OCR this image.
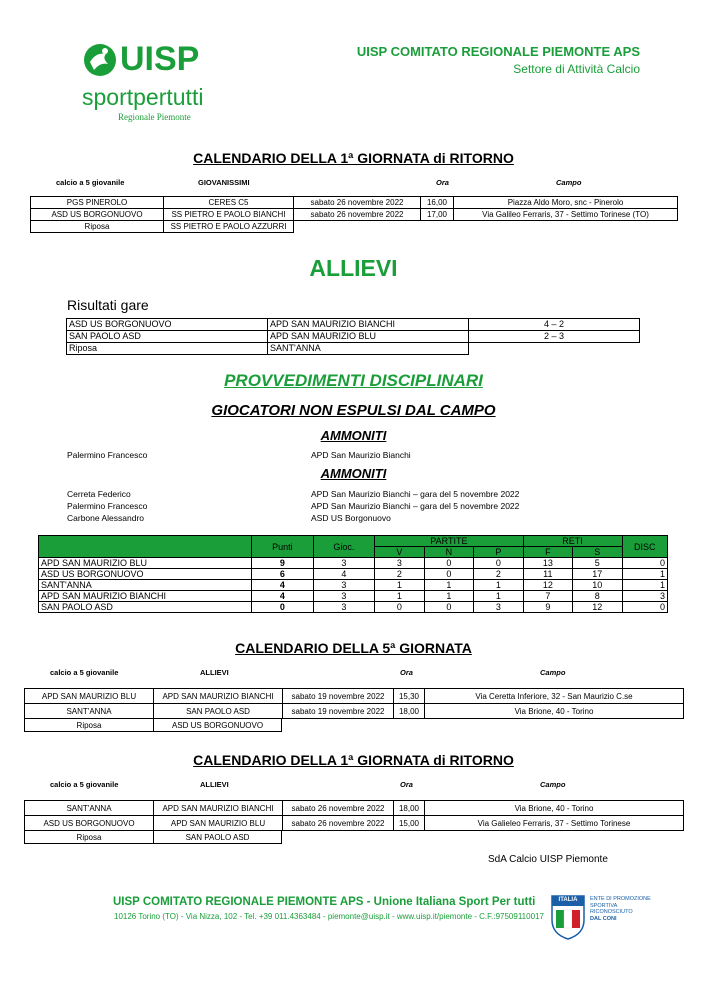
UISP
sportpertutti
Regionale Piemonte
UISP COMITATO REGIONALE PIEMONTE APS
Settore di Attività Calcio
CALENDARIO DELLA 1ª GIORNATA di RITORNO
calcio a 5 giovanile	GIOVANISSIMI	Ora	Campo
PGS PINEROLO	CERES C5	sabato 26 novembre 2022	16,00	Piazza Aldo Moro, snc - Pinerolo
ASD US BORGONUOVO	SS PIETRO E PAOLO BIANCHI	sabato 26 novembre 2022	17,00	Via Galileo Ferraris, 37 - Settimo Torinese (TO)
Riposa	SS PIETRO E PAOLO AZZURRI
ALLIEVI
Risultati gare
ASD US BORGONUOVO	APD SAN MAURIZIO BIANCHI	4 – 2
SAN PAOLO ASD	APD SAN MAURIZIO BLU	2 – 3
Riposa	SANT'ANNA
PROVVEDIMENTI DISCIPLINARI
GIOCATORI NON ESPULSI DAL CAMPO
AMMONITI
Palermino Francesco	APD San Maurizio Bianchi
AMMONITI
Cerreta Federico	APD San Maurizio Bianchi – gara del 5 novembre 2022
Palermino Francesco	APD San Maurizio Bianchi – gara del 5 novembre 2022
Carbone Alessandro	ASD US Borgonuovo
	Punti	Gioc.	PARTITE			RETI		DISC
			V	N	P	F	S	
APD SAN MAURIZIO BLU	9	3	3	0	0	13	5	0
ASD US BORGONUOVO	6	4	2	0	2	11	17	1
SANT'ANNA	4	3	1	1	1	12	10	1
APD SAN MAURIZIO BIANCHI	4	3	1	1	1	7	8	3
SAN PAOLO ASD	0	3	0	0	3	9	12	0
CALENDARIO DELLA 5ª GIORNATA
calcio a 5 giovanile	ALLIEVI	Ora	Campo
APD SAN MAURIZIO BLU	APD SAN MAURIZIO BIANCHI	sabato 19 novembre 2022	15,30	Via Ceretta Inferiore, 32 - San Maurizio C.se
SANT'ANNA	SAN PAOLO ASD	sabato 19 novembre 2022	18,00	Via Brione, 40 - Torino
Riposa	ASD US BORGONUOVO
CALENDARIO DELLA 1ª GIORNATA di RITORNO
calcio a 5 giovanile	ALLIEVI	Ora	Campo
SANT'ANNA	APD SAN MAURIZIO BIANCHI	sabato 26 novembre 2022	18,00	Via Brione, 40 - Torino
ASD US BORGONUOVO	APD SAN MAURIZIO BLU	sabato 26 novembre 2022	15,00	Via Galieleo Ferraris, 37 - Settimo Torinese
Riposa	SAN PAOLO ASD
SdA Calcio UISP Piemonte
UISP COMITATO REGIONALE PIEMONTE APS - Unione Italiana Sport Per tutti
10126 Torino (TO) - Via Nizza, 102 - Tel. +39 011.4363484 - piemonte@uisp.it - www.uisp.it/piemonte - C.F.:97509110017
ITALIA	ENTE DI PROMOZIONE
SPORTIVA
RICONOSCIUTO
DAL CONI
